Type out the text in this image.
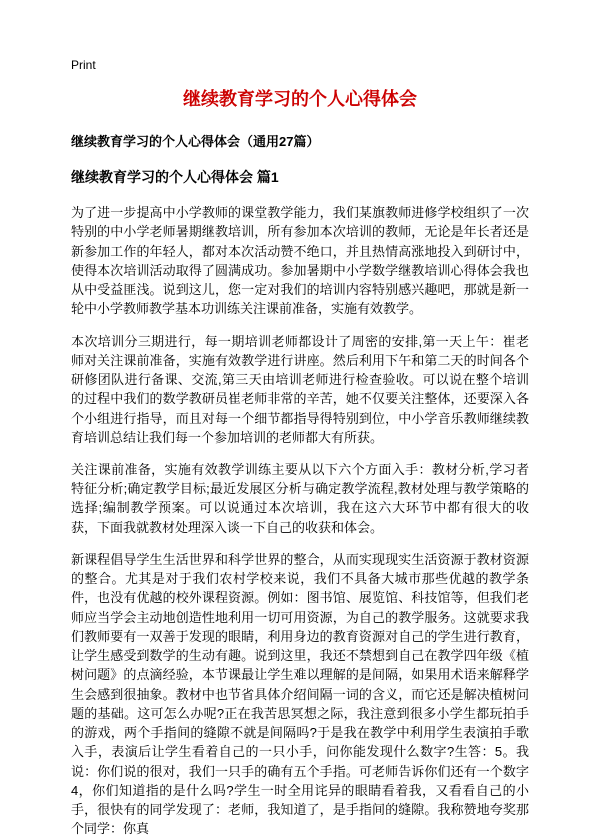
Print
继续教育学习的个人心得体会
继续教育学习的个人心得体会（通用27篇）
继续教育学习的个人心得体会 篇1

为了进一步提高中小学教师的课堂教学能力，我们某旗教师进修学校组织了一次特别的中小学老师暑期继教培训，所有参加本次培训的教师，无论是年长者还是新参加工作的年轻人，都对本次活动赞不绝口，并且热情高涨地投入到研讨中，使得本次培训活动取得了圆满成功。参加暑期中小学数学继教培训心得体会我也从中受益匪浅。说到这儿，您一定对我们的培训内容特别感兴趣吧，那就是新一轮中小学教师教学基本功训练关注课前准备，实施有效教学。

本次培训分三期进行，每一期培训老师都设计了周密的安排,第一天上午：崔老师对关注课前准备，实施有效教学进行讲座。然后利用下午和第二天的时间各个研修团队进行备课、交流,第三天由培训老师进行检查验收。可以说在整个培训的过程中我们的数学教研员崔老师非常的辛苦，她不仅要关注整体，还要深入各个小组进行指导，而且对每一个细节都指导得特别到位，中小学音乐教师继续教育培训总结让我们每一个参加培训的老师都大有所获。

关注课前准备，实施有效教学训练主要从以下六个方面入手：教材分析,学习者特征分析;确定教学目标;最近发展区分析与确定教学流程,教材处理与教学策略的选择;编制教学预案。可以说通过本次培训，我在这六大环节中都有很大的收获，下面我就教材处理深入谈一下自己的收获和体会。

新课程倡导学生生活世界和科学世界的整合，从而实现现实生活资源于教材资源的整合。尤其是对于我们农村学校来说，我们不具备大城市那些优越的教学条件，也没有优越的校外课程资源。例如：图书馆、展览馆、科技馆等，但我们老师应当学会主动地创造性地利用一切可用资源，为自己的教学服务。这就要求我们教师要有一双善于发现的眼睛，利用身边的教育资源对自己的学生进行教育，让学生感受到数学的生动有趣。说到这里，我还不禁想到自己在教学四年级《植树问题》的点滴经验，本节课最让学生难以理解的是间隔，如果用术语来解释学生会感到很抽象。教材中也节省具体介绍间隔一词的含义，而它还是解决植树问题的基础。这可怎么办呢?正在我苦思冥想之际，我注意到很多小学生都玩拍手的游戏，两个手指间的缝隙不就是间隔吗?于是我在教学中利用学生表演拍手歌入手，表演后让学生看着自己的一只小手，问你能发现什么数字?生答：5。我说：你们说的很对，我们一只手的确有五个手指。可老师告诉你们还有一个数字4，你们知道指的是什么吗?学生一时全用诧异的眼睛看着我，又看看自己的小手，很快有的同学发现了：老师，我知道了，是手指间的缝隙。我称赞地夸奖那个同学：你真
